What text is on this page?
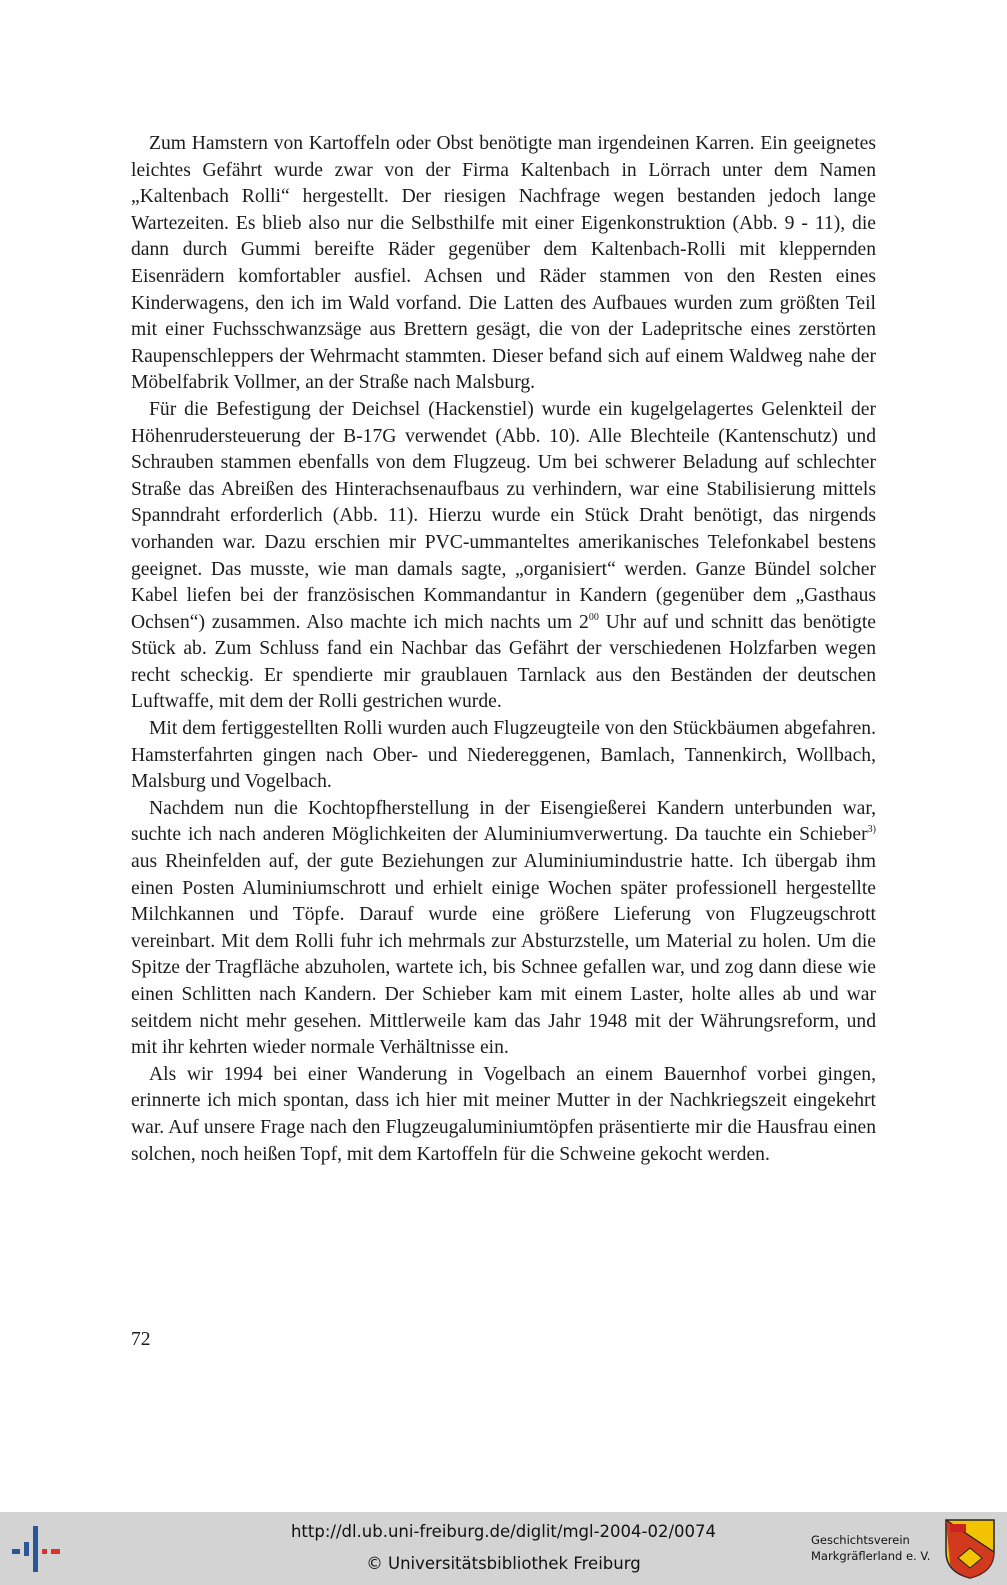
Zum Hamstern von Kartoffeln oder Obst benötigte man irgendeinen Karren. Ein geeignetes leichtes Gefährt wurde zwar von der Firma Kaltenbach in Lörrach unter dem Namen „Kaltenbach Rolli“ hergestellt. Der riesigen Nachfrage wegen bestanden jedoch lange Wartezeiten. Es blieb also nur die Selbsthilfe mit einer Eigenkonstruktion (Abb. 9 - 11), die dann durch Gummi bereifte Räder gegenüber dem Kaltenbach-Rolli mit kleppernden Eisenrädern komfortabler ausfiel. Achsen und Räder stammen von den Resten eines Kinderwagens, den ich im Wald vorfand. Die Latten des Aufbaues wurden zum größten Teil mit einer Fuchsschwanzsäge aus Brettern gesägt, die von der Ladepritsche eines zerstörten Raupenschleppers der Wehrmacht stammten. Dieser befand sich auf einem Waldweg nahe der Möbelfabrik Vollmer, an der Straße nach Malsburg.

Für die Befestigung der Deichsel (Hackenstiel) wurde ein kugelgelagertes Gelenkteil der Höhenrudersteuerung der B-17G verwendet (Abb. 10). Alle Blechteile (Kantenschutz) und Schrauben stammen ebenfalls von dem Flugzeug. Um bei schwerer Beladung auf schlechter Straße das Abreißen des Hinterachsenaufbaus zu verhindern, war eine Stabilisierung mittels Spanndraht erforderlich (Abb. 11). Hierzu wurde ein Stück Draht benötigt, das nirgends vorhanden war. Dazu erschien mir PVC-ummanteltes amerikanisches Telefonkabel bestens geeignet. Das musste, wie man damals sagte, „organisiert“ werden. Ganze Bündel solcher Kabel liefen bei der französischen Kommandantur in Kandern (gegenüber dem „Gasthaus Ochsen“) zusammen. Also machte ich mich nachts um $2^{00}$ Uhr auf und schnitt das benötigte Stück ab. Zum Schluss fand ein Nachbar das Gefährt der verschiedenen Holzfarben wegen recht scheckig. Er spendierte mir graublauen Tarnlack aus den Beständen der deutschen Luftwaffe, mit dem der Rolli gestrichen wurde.

Mit dem fertiggestellten Rolli wurden auch Flugzeugteile von den Stückbäumen abgefahren. Hamsterfahrten gingen nach Ober- und Niedereggenen, Bamlach, Tannenkirch, Wollbach, Malsburg und Vogelbach.

Nachdem nun die Kochtopfherstellung in der Eisengießerei Kandern unterbunden war, suchte ich nach anderen Möglichkeiten der Aluminiumverwertung. Da tauchte ein Schieber$^{3)}$ aus Rheinfelden auf, der gute Beziehungen zur Aluminiumindustrie hatte. Ich übergab ihm einen Posten Aluminiumschrott und erhielt einige Wochen später professionell hergestellte Milchkannen und Töpfe. Darauf wurde eine größere Lieferung von Flugzeugschrott vereinbart. Mit dem Rolli fuhr ich mehrmals zur Absturzstelle, um Material zu holen. Um die Spitze der Tragfläche abzuholen, wartete ich, bis Schnee gefallen war, und zog dann diese wie einen Schlitten nach Kandern. Der Schieber kam mit einem Laster, holte alles ab und war seitdem nicht mehr gesehen. Mittlerweile kam das Jahr 1948 mit der Währungsreform, und mit ihr kehrten wieder normale Verhältnisse ein.

Als wir 1994 bei einer Wanderung in Vogelbach an einem Bauernhof vorbei gingen, erinnerte ich mich spontan, dass ich hier mit meiner Mutter in der Nachkriegszeit eingekehrt war. Auf unsere Frage nach den Flugzeugaluminiumtöpfen präsentierte mir die Hausfrau einen solchen, noch heißen Topf, mit dem Kartoffeln für die Schweine gekocht werden.

72
http://dl.ub.uni-freiburg.de/diglit/mgl-2004-02/0074
© Universitätsbibliothek Freiburg
Geschichtsverein
Markgräflerland e. V.
